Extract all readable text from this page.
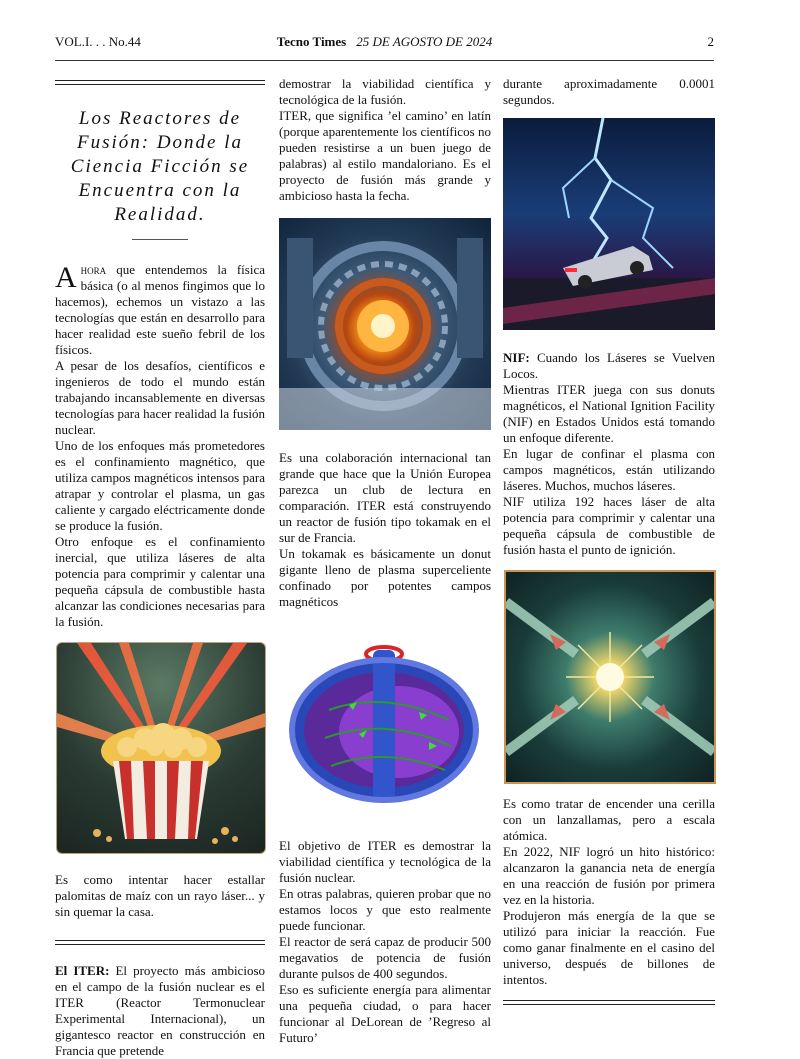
VOL.I. . . No.44	Tecno Times 25 DE AGOSTO DE 2024	2
Los Reactores de Fusión: Donde la Ciencia Ficción se Encuentra con la Realidad.

Ahora que entendemos la física básica (o al menos fingimos que lo hacemos), echemos un vistazo a las tecnologías que están en desarrollo para hacer realidad este sueño febril de los físicos.

A pesar de los desafíos, científicos e ingenieros de todo el mundo están trabajando incansablemente en diversas tecnologías para hacer realidad la fusión nuclear.

Uno de los enfoques más prometedores es el confinamiento magnético, que utiliza campos magnéticos intensos para atrapar y controlar el plasma, un gas caliente y cargado eléctricamente donde se produce la fusión.

Otro enfoque es el confinamiento inercial, que utiliza láseres de alta potencia para comprimir y calentar una pequeña cápsula de combustible hasta alcanzar las condiciones necesarias para la fusión.

Es como intentar hacer estallar palomitas de maíz con un rayo láser... y sin quemar la casa.

El ITER: El proyecto más ambicioso en el campo de la fusión nuclear es el ITER (Reactor Termonuclear Experimental Internacional), un gigantesco reactor en construcción en Francia que pretende

demostrar la viabilidad científica y tecnológica de la fusión.

ITER, que significa ’el camino’ en latín (porque aparentemente los científicos no pueden resistirse a un buen juego de palabras) al estilo mandaloriano. Es el proyecto de fusión más grande y ambicioso hasta la fecha.

Es una colaboración internacional tan grande que hace que la Unión Europea parezca un club de lectura en comparación. ITER está construyendo un reactor de fusión tipo tokamak en el sur de Francia.

Un tokamak es básicamente un donut gigante lleno de plasma superceliente confinado por potentes campos magnéticos

El objetivo de ITER es demostrar la viabilidad científica y tecnológica de la fusión nuclear.

En otras palabras, quieren probar que no estamos locos y que esto realmente puede funcionar.

El reactor de será capaz de producir 500 megavatios de potencia de fusión durante pulsos de 400 segundos.

Eso es suficiente energía para alimentar una pequeña ciudad, o para hacer funcionar al DeLorean de ’Regreso al Futuro’

durante aproximadamente 0.0001 segundos.

NIF: Cuando los Láseres se Vuelven Locos.

Mientras ITER juega con sus donuts magnéticos, el National Ignition Facility (NIF) en Estados Unidos está tomando un enfoque diferente.

En lugar de confinar el plasma con campos magnéticos, están utilizando láseres. Muchos, muchos láseres.

NIF utiliza 192 haces láser de alta potencia para comprimir y calentar una pequeña cápsula de combustible de fusión hasta el punto de ignición.

Es como tratar de encender una cerilla con un lanzallamas, pero a escala atómica.

En 2022, NIF logró un hito histórico: alcanzaron la ganancia neta de energía en una reacción de fusión por primera vez en la historia.

Produjeron más energía de la que se utilizó para iniciar la reacción. Fue como ganar finalmente en el casino del universo, después de billones de intentos.
